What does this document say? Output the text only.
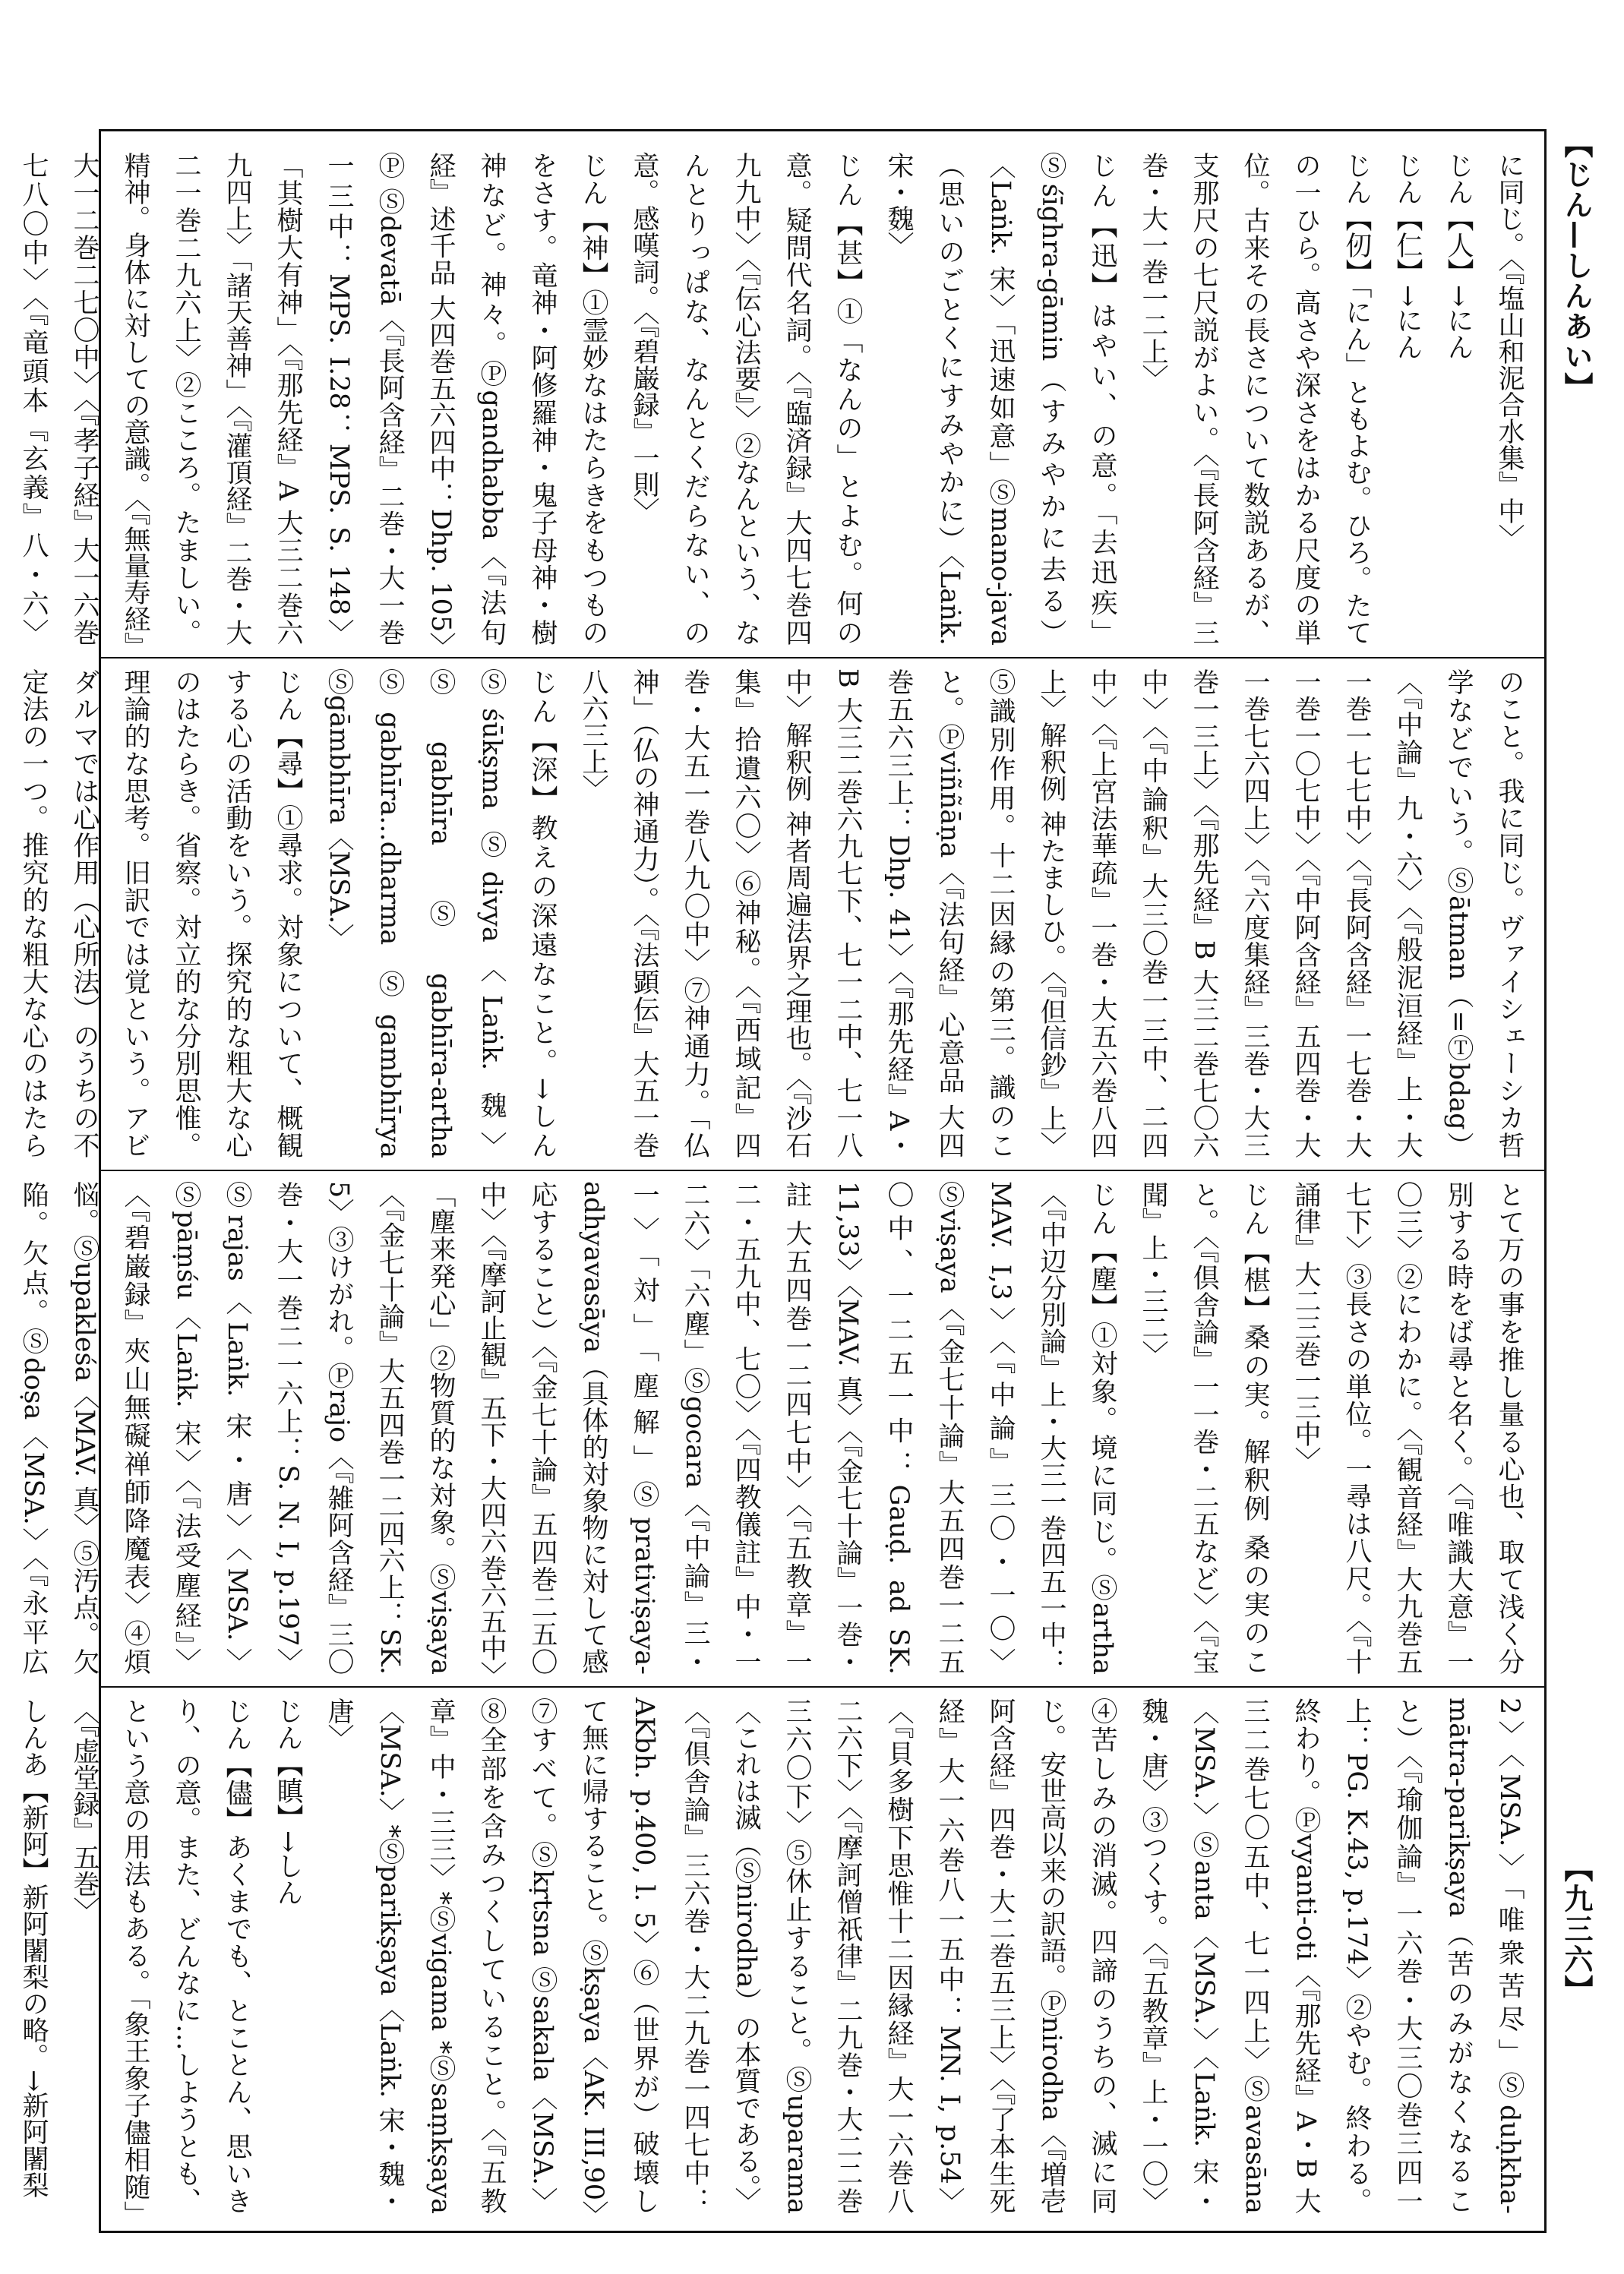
【じん—しんあい】
【九三六】

に同じ。〈『塩山和泥合水集』中〉

じん【人】→にん

じん【仁】→にん

じん【仞】「にん」ともよむ。ひろ。たての一ひら。高さや深さをはかる尺度の単位。古来その長さについて数説あるが、支那尺の七尺説がよい。〈『長阿含経』三巻・大一巻一二上〉

じん【迅】はやい、の意。「去迅疾」Ⓢśīghra-gāmin（すみやかに去る）〈Laṅk. 宋〉「迅速如意」Ⓢmano-java（思いのごとくにすみやかに）〈Laṅk. 宋・魏〉

じん【甚】①「なんの」とよむ。何の意。疑問代名詞。〈『臨済録』大四七巻四九九中〉〈『伝心法要』〉②なんという、なんとりっぱな、なんとくだらない、の意。感嘆詞。〈『碧巌録』一則〉

じん【神】①霊妙なはたらきをもつものをさす。竜神・阿修羅神・鬼子母神・樹神など。神々。Ⓟgandhabba〈『法句経』述千品 大四巻五六四中：Dhp. 105〉Ⓟ Ⓢdevatā〈『長阿含経』二巻・大一巻一三中：MPS. I.28：MPS. S. 148〉「其樹大有神」〈『那先経』A 大三二巻六九四上〉「諸天善神」〈『灌頂経』二巻・大二一巻二九六上〉②こころ。たましい。精神。身体に対しての意識。〈『無量寿経』大一二巻二七〇中〉〈『孝子経』大一六巻七八〇中〉〈『竜頭本『玄義』八・六〉

のこと。我に同じ。ヴァイシェーシカ哲学などでいう。Ⓢātman（=Ⓣbdag）〈『中論』九・六〉〈『般泥洹経』上・大一巻一七七中〉〈『長阿含経』一七巻・大一巻一〇七中〉〈『中阿含経』五四巻・大一巻七六四上〉〈『六度集経』三巻・大三巻一三上〉〈『那先経』B 大三二巻七〇六中〉〈『中論釈』大三〇巻一三中、二四中〉〈『上宮法華疏』一巻・大五六巻八四上〉解釈例 神たましひ。〈『但信鈔』上〉⑤識別作用。十二因縁の第三。識のこと。Ⓟviññāṇa〈『法句経』心意品 大四巻五六三上：Dhp. 41〉〈『那先経』A・B 大三二巻六九七下、七一二中、七一八中〉解釈例 神者周遍法界之理也。〈『沙石集』拾遺六〇〉⑥神秘。〈『西域記』四巻・大五一巻八九〇中〉⑦神通力。「仏神」（仏の神通力）。〈『法顕伝』大五一巻八六三上〉

じん【深】教えの深遠なこと。→しんⓈśūkṣma Ⓢdivya〈Laṅk. 魏〉Ⓢgabhīra Ⓢgabhīra-artha Ⓢgabhīra...dharma Ⓢgambhīrya Ⓢgāmbhīra〈MSA.〉

じん【尋】①尋求。対象について、概観する心の活動をいう。探究的な粗大な心のはたらき。省察。対立的な分別思惟。理論的な思考。旧訳では覚という。アビダルマでは心作用（心所法）のうちの不定法の一つ。推究的な粗大な心のはたら

とて万の事を推し量る心也、取て浅く分別する時をば尋と名く。〈『唯識大意』一〇三〉②にわかに。〈『観音経』大九巻五七下〉③長さの単位。一尋は八尺。〈『十誦律』大二三巻一三中〉

じん【椹】桑の実。解釈例 桑の実のこと。〈『倶舎論』一一巻・二五など〉〈『宝聞』上・三二〉

じん【塵】①対象。境に同じ。Ⓢartha〈『中辺分別論』上・大三一巻四五一中：MAV. I,3〉〈『中論』三〇・一〇〉Ⓢviṣaya〈『金七十論』大五四巻一二五〇中、一二五一中：Gauḍ. ad SK. 11,33〉〈MAV. 真〉〈『金七十論』一巻・註 大五四巻一二四七中〉〈『五教章』一二・五九中、七〇〉〈『四教儀註』中・一二六〉「六塵」Ⓢgocara〈『中論』三・一〉「対」「塵解」Ⓢprativiṣaya-adhyavasāya（具体的対象物に対して感応すること）〈『金七十論』五四巻二五〇中〉〈『摩訶止観』五下・大四六巻六五中〉「塵来発心」②物質的な対象。Ⓢviṣaya〈『金七十論』大五四巻一二四六上：SK. 5〉③けがれ。Ⓟrajo〈『雑阿含経』三〇巻・大一巻二一六上：S. N. I, p.197〉Ⓢrajas〈Laṅk. 宋・唐〉〈MSA.〉Ⓢpāṃśu〈Laṅk. 宋〉〈『法受塵経』〉〈『碧巌録』夾山無礙禅師降魔表〉④煩悩。Ⓢupakleśa〈MAV. 真〉⑤汚点。欠陥。欠点。Ⓢdoṣa〈MSA.〉〈『永平広

2〉〈MSA.〉「唯衆苦尽」Ⓢduḥkha-mātra-parikṣaya（苦のみがなくなること）〈『瑜伽論』一六巻・大三〇巻三四一上：PG. K.43, p.174〉②やむ。終わる。終わり。Ⓟvyanti-oti〈『那先経』A・B 大三二巻七〇五中、七一四上〉Ⓢavasāna〈MSA.〉Ⓢanta〈MSA.〉〈Laṅk. 宋・魏・唐〉③つくす。〈『五教章』上・一〇〉④苦しみの消滅。四諦のうちの、滅に同じ。安世高以来の訳語。Ⓟnirodha〈『増壱阿含経』四巻・大二巻五三上〉〈『了本生死経』大一六巻八一五中：MN. I, p.54〉〈『貝多樹下思惟十二因縁経』大一六巻八二六下〉〈『摩訶僧祇律』二九巻・大二二巻三六〇下〉⑤休止すること。Ⓢuparama〈これは滅（Ⓢnirodha）の本質である。〉〈『倶舎論』三六巻・大二九巻一四七中：AKbh. p.400, l. 5〉⑥（世界が）破壊して無に帰すること。Ⓢkṣaya〈AK. III,90〉⑦すべて。Ⓢkṛtsna Ⓢsakala〈MSA.〉⑧全部を含みつくしていること。〈『五教章』中・三三〉*Ⓢvigama *Ⓢsaṃkṣaya〈MSA.〉*Ⓢparikṣaya〈Laṅk. 宋・魏・唐〉

じん【瞋】→しん

じん【儘】あくまでも、とことん、思いきり、の意。また、どんなに…しようとも、という意の用法もある。「象王象子儘相随」〈『虚堂録』五巻〉

しんあ【新阿】新阿闍梨の略。→新阿闍梨
